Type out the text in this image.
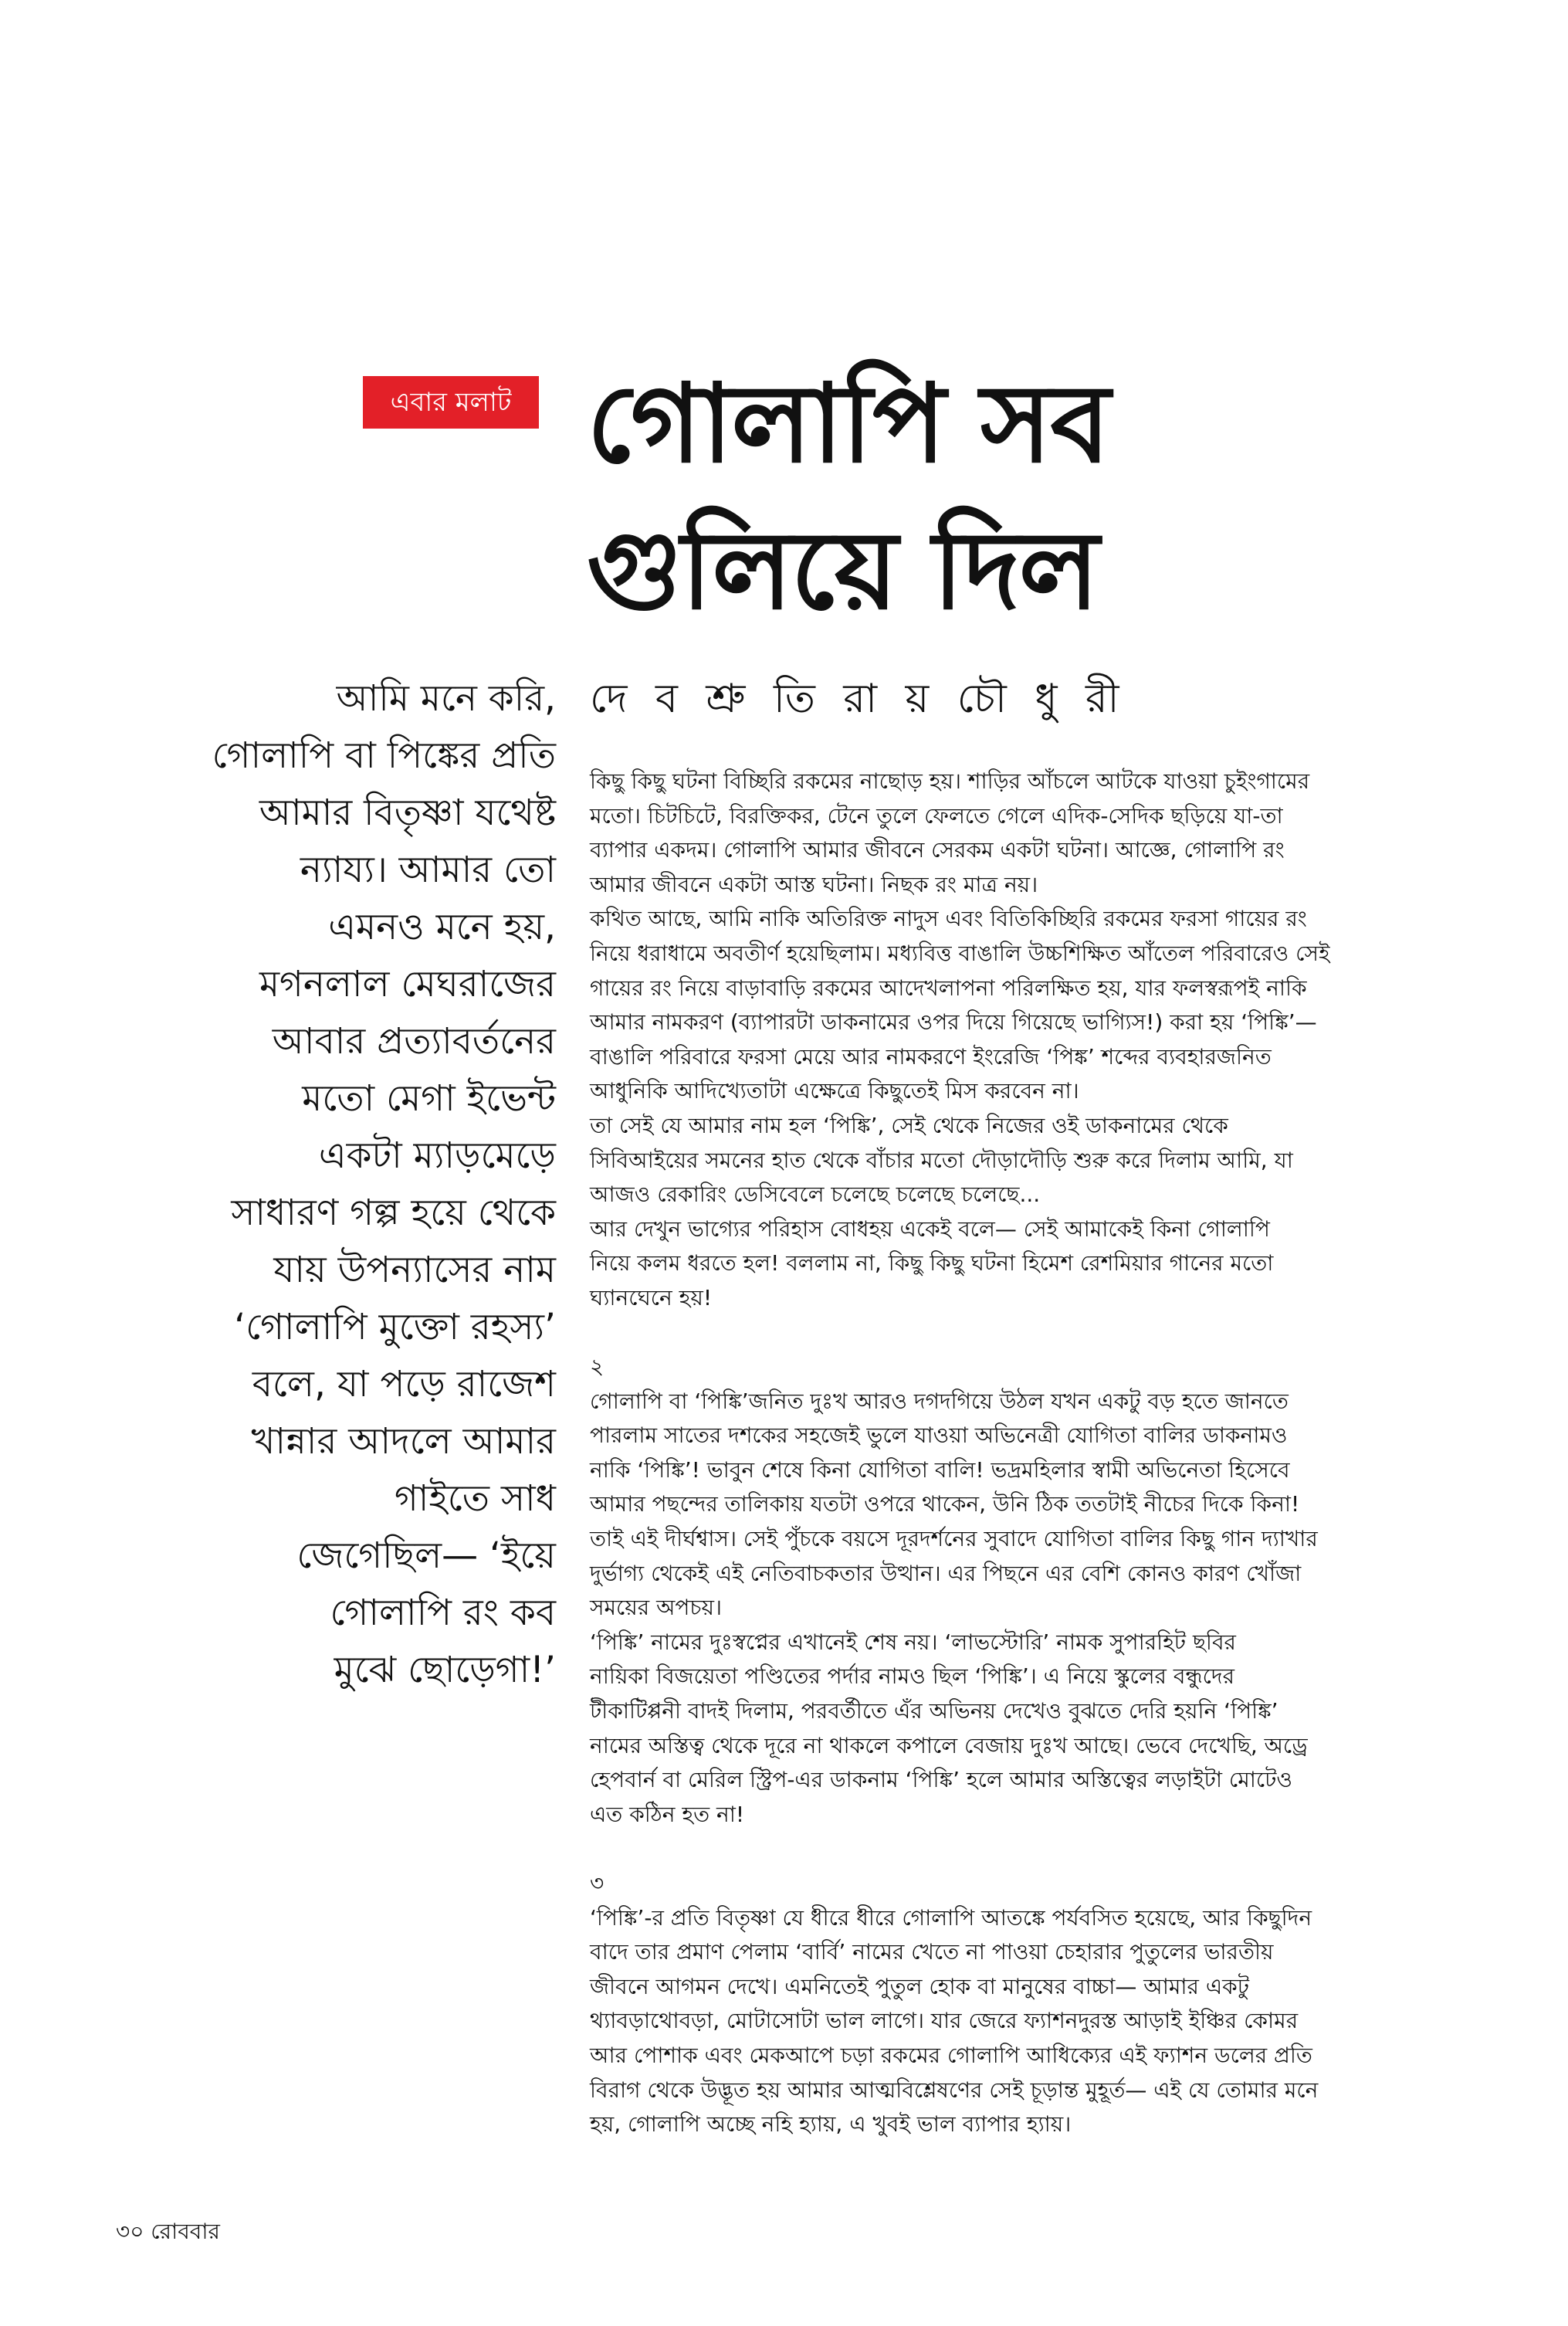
এবার মলাট গোলাপি সব
গুলিয়ে দিল
দে ব শ্রু তি রা য় চৌ ধু রী
আমি মনে করি,
গোলাপি বা পিঙ্কের প্রতি
আমার বিতৃষ্ণা যথেষ্ট
ন্যায্য। আমার তো
এমনও মনে হয়,
মগনলাল মেঘরাজের
আবার প্রত্যাবর্তনের
মতো মেগা ইভেন্ট
একটা ম্যাড়মেড়ে
সাধারণ গল্প হয়ে থেকে
যায় উপন্যাসের নাম
‘গোলাপি মুক্তো রহস্য’
বলে, যা পড়ে রাজেশ
খান্নার আদলে আমার
গাইতে সাধ
জেগেছিল— ‘ইয়ে
গোলাপি রং কব
মুঝে ছোড়েগা!’
কিছু কিছু ঘটনা বিচ্ছিরি রকমের নাছোড় হয়। শাড়ির আঁচলে আটকে যাওয়া চুইংগামের
মতো। চিটচিটে, বিরক্তিকর, টেনে তুলে ফেলতে গেলে এদিক-সেদিক ছড়িয়ে যা-তা
ব্যাপার একদম। গোলাপি আমার জীবনে সেরকম একটা ঘটনা। আজ্ঞে, গোলাপি রং
আমার জীবনে একটা আস্ত ঘটনা। নিছক রং মাত্র নয়।
কথিত আছে, আমি নাকি অতিরিক্ত নাদুস এবং বিতিকিচ্ছিরি রকমের ফরসা গায়ের রং
নিয়ে ধরাধামে অবতীর্ণ হয়েছিলাম। মধ্যবিত্ত বাঙালি উচ্চশিক্ষিত আঁতেল পরিবারেও সেই
গায়ের রং নিয়ে বাড়াবাড়ি রকমের আদেখলাপনা পরিলক্ষিত হয়, যার ফলস্বরূপই নাকি
আমার নামকরণ (ব্যাপারটা ডাকনামের ওপর দিয়ে গিয়েছে ভাগ্যিস!) করা হয় ‘পিঙ্কি’—
বাঙালি পরিবারে ফরসা মেয়ে আর নামকরণে ইংরেজি ‘পিঙ্ক’ শব্দের ব্যবহারজনিত
আধুনিকি আদিখ্যেতাটা এক্ষেত্রে কিছুতেই মিস করবেন না।
তা সেই যে আমার নাম হল ‘পিঙ্কি’, সেই থেকে নিজের ওই ডাকনামের থেকে
সিবিআইয়ের সমনের হাত থেকে বাঁচার মতো দৌড়াদৌড়ি শুরু করে দিলাম আমি, যা
আজও রেকারিং ডেসিবেলে চলেছে চলেছে চলেছে...
আর দেখুন ভাগ্যের পরিহাস বোধহয় একেই বলে— সেই আমাকেই কিনা গোলাপি
নিয়ে কলম ধরতে হল! বললাম না, কিছু কিছু ঘটনা হিমেশ রেশমিয়ার গানের মতো
ঘ্যানঘেনে হয়!
২
গোলাপি বা ‘পিঙ্কি’জনিত দুঃখ আরও দগদগিয়ে উঠল যখন একটু বড় হতে জানতে
পারলাম সাতের দশকের সহজেই ভুলে যাওয়া অভিনেত্রী যোগিতা বালির ডাকনামও
নাকি ‘পিঙ্কি’! ভাবুন শেষে কিনা যোগিতা বালি! ভদ্রমহিলার স্বামী অভিনেতা হিসেবে
আমার পছন্দের তালিকায় যতটা ওপরে থাকেন, উনি ঠিক ততটাই নীচের দিকে কিনা!
তাই এই দীর্ঘশ্বাস। সেই পুঁচকে বয়সে দূরদর্শনের সুবাদে যোগিতা বালির কিছু গান দ্যাখার
দুর্ভাগ্য থেকেই এই নেতিবাচকতার উত্থান। এর পিছনে এর বেশি কোনও কারণ খোঁজা
সময়ের অপচয়।
‘পিঙ্কি’ নামের দুঃস্বপ্নের এখানেই শেষ নয়। ‘লাভস্টোরি’ নামক সুপারহিট ছবির
নায়িকা বিজয়েতা পণ্ডিতের পর্দার নামও ছিল ‘পিঙ্কি’। এ নিয়ে স্কুলের বন্ধুদের
টীকাটিপ্পনী বাদই দিলাম, পরবর্তীতে এঁর অভিনয় দেখেও বুঝতে দেরি হয়নি ‘পিঙ্কি’
নামের অস্তিত্ব থেকে দূরে না থাকলে কপালে বেজায় দুঃখ আছে। ভেবে দেখেছি, অড্রে
হেপবার্ন বা মেরিল স্ট্রিপ-এর ডাকনাম ‘পিঙ্কি’ হলে আমার অস্তিত্বের লড়াইটা মোটেও
এত কঠিন হত না!
৩
‘পিঙ্কি’-র প্রতি বিতৃষ্ণা যে ধীরে ধীরে গোলাপি আতঙ্কে পর্যবসিত হয়েছে, আর কিছুদিন
বাদে তার প্রমাণ পেলাম ‘বার্বি’ নামের খেতে না পাওয়া চেহারার পুতুলের ভারতীয়
জীবনে আগমন দেখে। এমনিতেই পুতুল হোক বা মানুষের বাচ্চা— আমার একটু
থ্যাবড়াথোবড়া, মোটাসোটা ভাল লাগে। যার জেরে ফ্যাশনদুরস্ত আড়াই ইঞ্চির কোমর
আর পোশাক এবং মেকআপে চড়া রকমের গোলাপি আধিক্যের এই ফ্যাশন ডলের প্রতি
বিরাগ থেকে উদ্ভূত হয় আমার আত্মবিশ্লেষণের সেই চূড়ান্ত মুহূর্ত— এই যে তোমার মনে
হয়, গোলাপি অচ্ছে নহি হ্যায়, এ খুবই ভাল ব্যাপার হ্যায়।
৩০ রোববার
